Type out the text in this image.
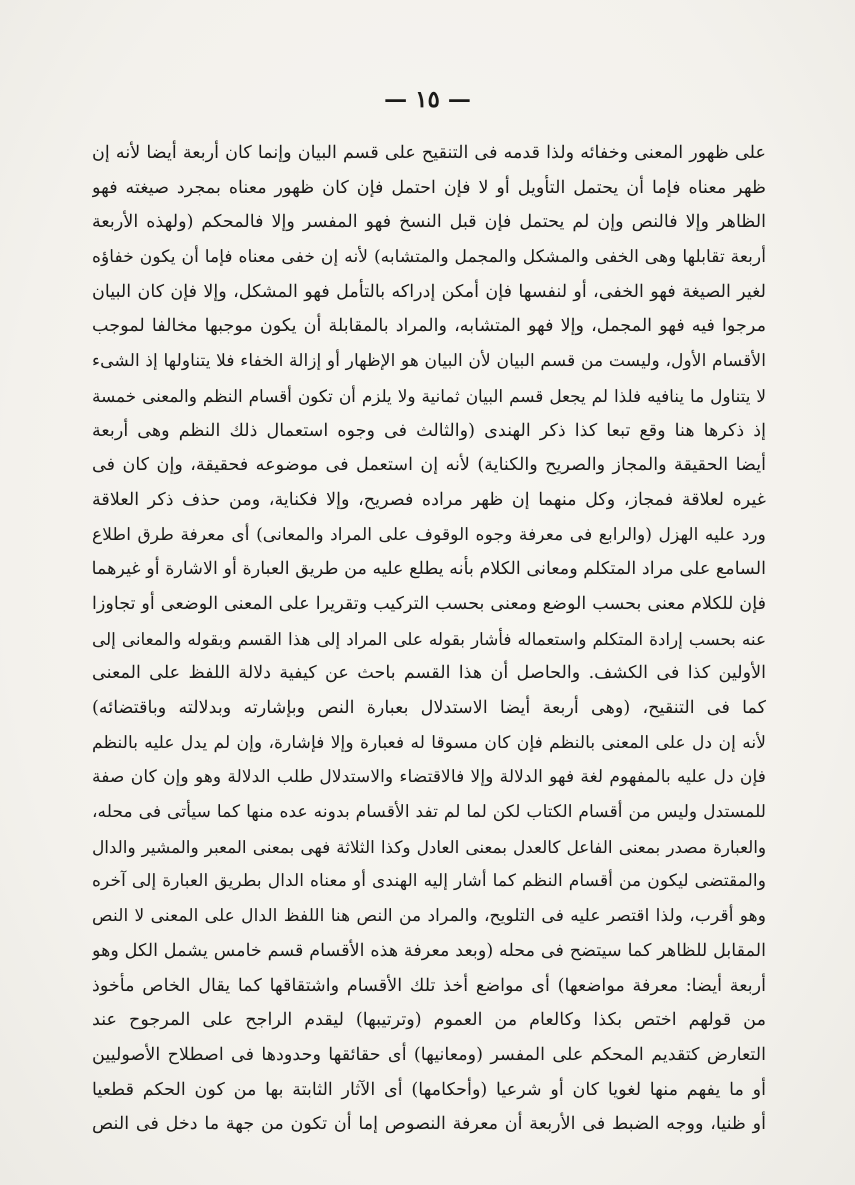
— ١٥ —
على ظهور المعنى وخفائه ولذا قدمه فى التنقيح على قسم البيان وإنما كان أربعة أيضا لأنه إن
ظهر معناه فإما أن يحتمل التأويل أو لا فإن احتمل فإن كان ظهور معناه بمجرد صيغته فهو
الظاهر وإلا فالنص وإن لم يحتمل فإن قبل النسخ فهو المفسر وإلا فالمحكم (ولهذه الأربعة
أربعة تقابلها وهى الخفى والمشكل والمجمل والمتشابه) لأنه إن خفى معناه فإما أن يكون خفاؤه
لغير الصيغة فهو الخفى، أو لنفسها فإن أمكن إدراكه بالتأمل فهو المشكل، وإلا فإن كان البيان
مرجوا فيه فهو المجمل، وإلا فهو المتشابه، والمراد بالمقابلة أن يكون موجبها مخالفا لموجب
الأقسام الأول، وليست من قسم البيان لأن البيان هو الإظهار أو إزالة الخفاء فلا يتناولها إذ الشىء
لا يتناول ما ينافيه فلذا لم يجعل قسم البيان ثمانية ولا يلزم أن تكون أقسام النظم والمعنى خمسة
إذ ذكرها هنا وقع تبعا كذا ذكر الهندى (والثالث فى وجوه استعمال ذلك النظم وهى أربعة
أيضا الحقيقة والمجاز والصريح والكناية) لأنه إن استعمل فى موضوعه فحقيقة، وإن كان فى
غيره لعلاقة فمجاز، وكل منهما إن ظهر مراده فصريح، وإلا فكناية، ومن حذف ذكر العلاقة
ورد عليه الهزل (والرابع فى معرفة وجوه الوقوف على المراد والمعانى) أى معرفة طرق اطلاع
السامع على مراد المتكلم ومعانى الكلام بأنه يطلع عليه من طريق العبارة أو الاشارة أو غيرهما
فإن للكلام معنى بحسب الوضع ومعنى بحسب التركيب وتقريرا على المعنى الوضعى أو تجاوزا
عنه بحسب إرادة المتكلم واستعماله فأشار بقوله على المراد إلى هذا القسم وبقوله والمعانى إلى
الأولين كذا فى الكشف. والحاصل أن هذا القسم باحث عن كيفية دلالة اللفظ على المعنى
كما فى التنقيح، (وهى أربعة أيضا الاستدلال بعبارة النص وبإشارته وبدلالته وباقتضائه)
لأنه إن دل على المعنى بالنظم فإن كان مسوقا له فعبارة وإلا فإشارة، وإن لم يدل عليه بالنظم
فإن دل عليه بالمفهوم لغة فهو الدلالة وإلا فالاقتضاء والاستدلال طلب الدلالة وهو وإن كان صفة
للمستدل وليس من أقسام الكتاب لكن لما لم تفد الأقسام بدونه عده منها كما سيأتى فى محله،
والعبارة مصدر بمعنى الفاعل كالعدل بمعنى العادل وكذا الثلاثة فهى بمعنى المعبر والمشير والدال
والمقتضى ليكون من أقسام النظم كما أشار إليه الهندى أو معناه الدال بطريق العبارة إلى آخره
وهو أقرب، ولذا اقتصر عليه فى التلويح، والمراد من النص هنا اللفظ الدال على المعنى لا النص
المقابل للظاهر كما سيتضح فى محله (وبعد معرفة هذه الأقسام قسم خامس يشمل الكل وهو
أربعة أيضا: معرفة مواضعها) أى مواضع أخذ تلك الأقسام واشتقاقها كما يقال الخاص مأخوذ
من قولهم اختص بكذا وكالعام من العموم (وترتيبها) ليقدم الراجح على المرجوح عند
التعارض كتقديم المحكم على المفسر (ومعانيها) أى حقائقها وحدودها فى اصطلاح الأصوليين
أو ما يفهم منها لغويا كان أو شرعيا (وأحكامها) أى الآثار الثابتة بها من كون الحكم قطعيا
أو ظنيا، ووجه الضبط فى الأربعة أن معرفة النصوص إما أن تكون من جهة ما دخل فى النص
